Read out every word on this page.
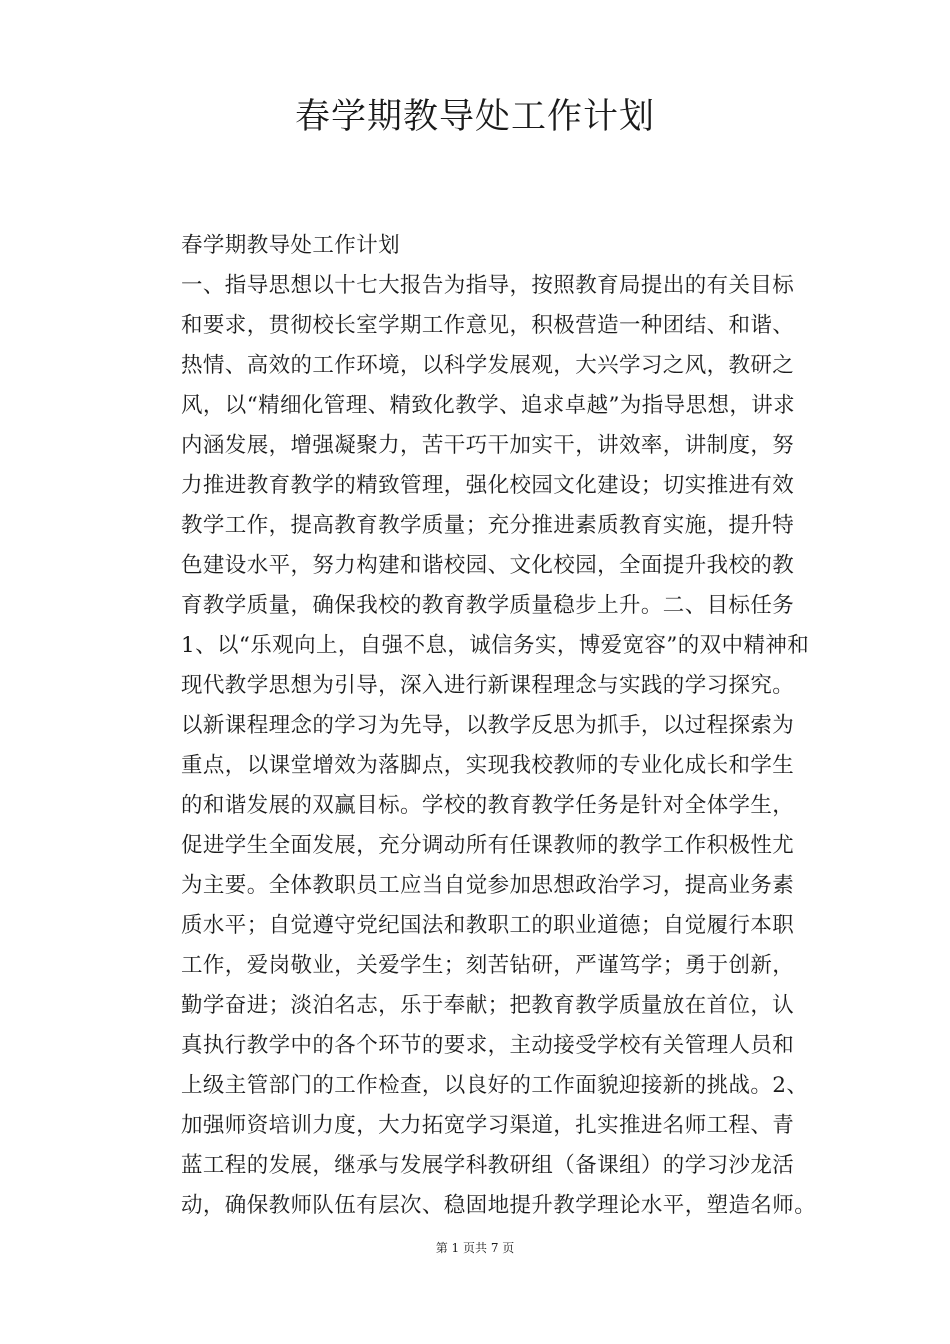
春学期教导处工作计划
春学期教导处工作计划
一、指导思想以十七大报告为指导，按照教育局提出的有关目标
和要求，贯彻校长室学期工作意见，积极营造一种团结、和谐、
热情、高效的工作环境，以科学发展观，大兴学习之风，教研之
风，以“精细化管理、精致化教学、追求卓越”为指导思想，讲求
内涵发展，增强凝聚力，苦干巧干加实干，讲效率，讲制度，努
力推进教育教学的精致管理，强化校园文化建设；切实推进有效
教学工作，提高教育教学质量；充分推进素质教育实施，提升特
色建设水平，努力构建和谐校园、文化校园，全面提升我校的教
育教学质量，确保我校的教育教学质量稳步上升。二、目标任务
1、以“乐观向上，自强不息，诚信务实，博爱宽容”的双中精神和
现代教学思想为引导，深入进行新课程理念与实践的学习探究。
以新课程理念的学习为先导，以教学反思为抓手，以过程探索为
重点，以课堂增效为落脚点，实现我校教师的专业化成长和学生
的和谐发展的双赢目标。学校的教育教学任务是针对全体学生，
促进学生全面发展，充分调动所有任课教师的教学工作积极性尤
为主要。全体教职员工应当自觉参加思想政治学习，提高业务素
质水平；自觉遵守党纪国法和教职工的职业道德；自觉履行本职
工作，爱岗敬业，关爱学生；刻苦钻研，严谨笃学；勇于创新，
勤学奋进；淡泊名志，乐于奉献；把教育教学质量放在首位，认
真执行教学中的各个环节的要求，主动接受学校有关管理人员和
上级主管部门的工作检查，以良好的工作面貌迎接新的挑战。2、
加强师资培训力度，大力拓宽学习渠道，扎实推进名师工程、青
蓝工程的发展，继承与发展学科教研组（备课组）的学习沙龙活
动，确保教师队伍有层次、稳固地提升教学理论水平，塑造名师。
第 1 页共 7 页
